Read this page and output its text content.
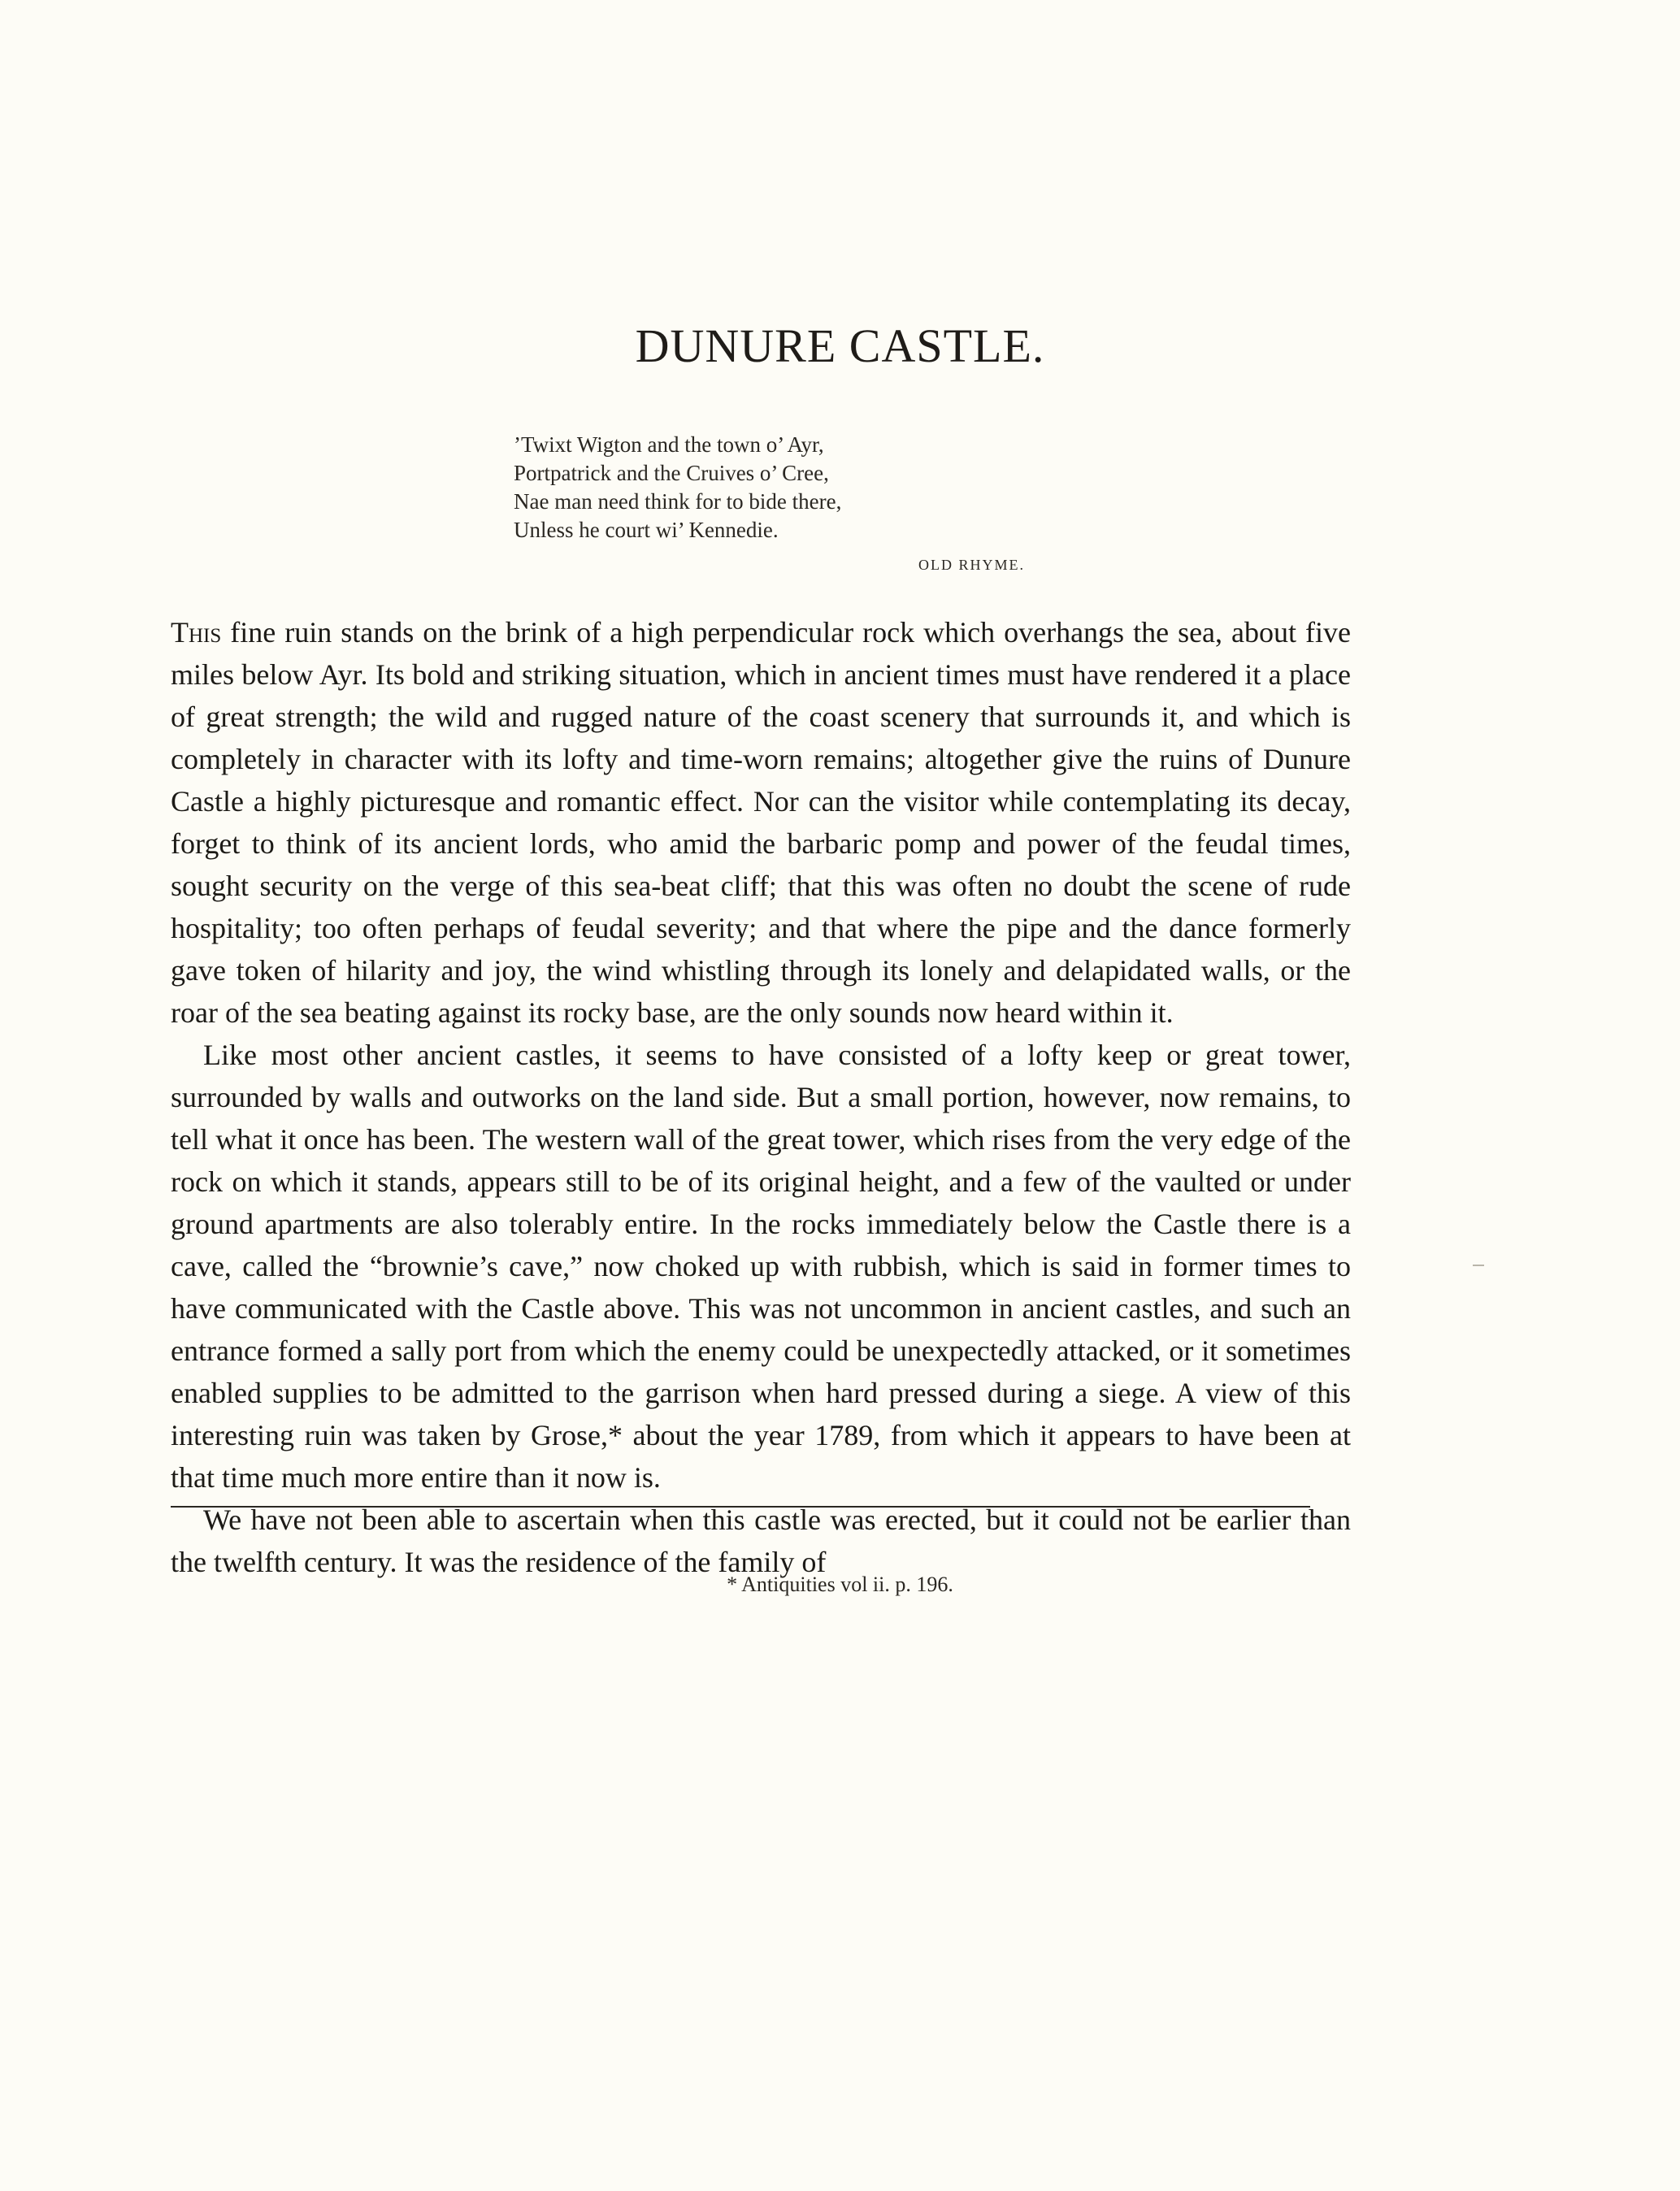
DUNURE CASTLE.
’Twixt Wigton and the town o’ Ayr,
Portpatrick and the Cruives o’ Cree,
Nae man need think for to bide there,
Unless he court wi’ Kennedie.
OLD RHYME.

This fine ruin stands on the brink of a high perpendicular rock which overhangs the sea, about five miles below Ayr. Its bold and striking situation, which in ancient times must have rendered it a place of great strength; the wild and rugged nature of the coast scenery that surrounds it, and which is completely in character with its lofty and time-worn remains; altogether give the ruins of Dunure Castle a highly picturesque and romantic effect. Nor can the visitor while contemplating its decay, forget to think of its ancient lords, who amid the barbaric pomp and power of the feudal times, sought security on the verge of this sea-beat cliff; that this was often no doubt the scene of rude hospitality; too often perhaps of feudal severity; and that where the pipe and the dance formerly gave token of hilarity and joy, the wind whistling through its lonely and delapidated walls, or the roar of the sea beating against its rocky base, are the only sounds now heard within it.

Like most other ancient castles, it seems to have consisted of a lofty keep or great tower, surrounded by walls and outworks on the land side. But a small portion, however, now remains, to tell what it once has been. The western wall of the great tower, which rises from the very edge of the rock on which it stands, appears still to be of its original height, and a few of the vaulted or under ground apartments are also tolerably entire. In the rocks immediately below the Castle there is a cave, called the “brownie’s cave,” now choked up with rubbish, which is said in former times to have communicated with the Castle above. This was not uncommon in ancient castles, and such an entrance formed a sally port from which the enemy could be unexpectedly attacked, or it sometimes enabled supplies to be admitted to the garrison when hard pressed during a siege. A view of this interesting ruin was taken by Grose,* about the year 1789, from which it appears to have been at that time much more entire than it now is.

We have not been able to ascertain when this castle was erected, but it could not be earlier than the twelfth century. It was the residence of the family of

* Antiquities vol ii. p. 196.
